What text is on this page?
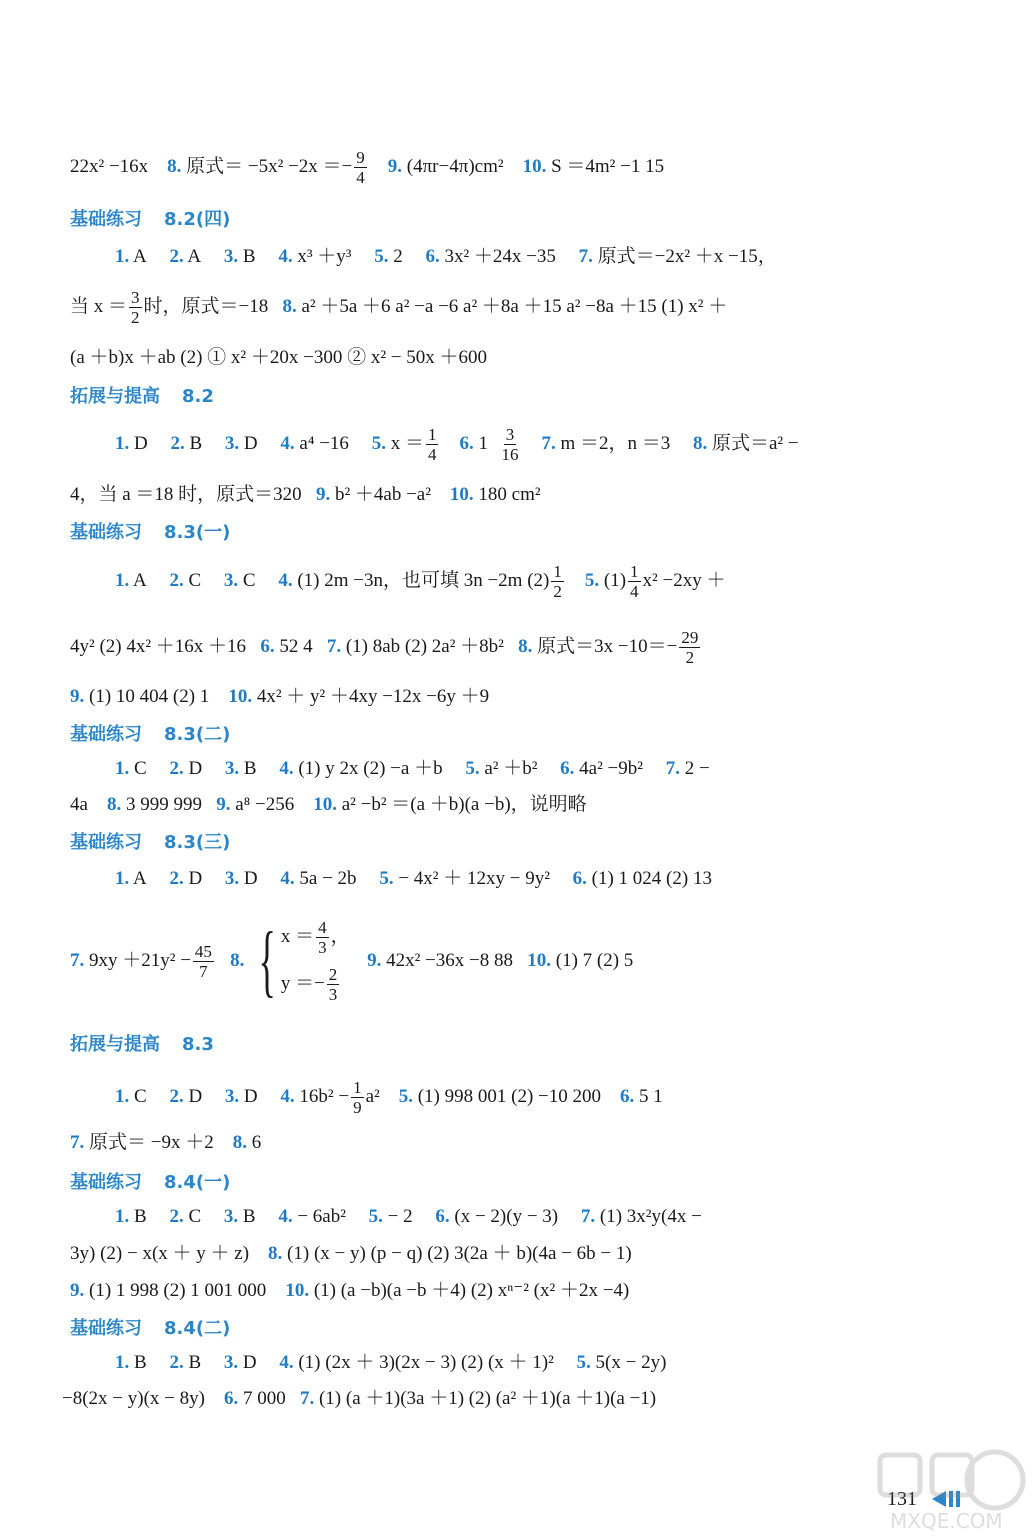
22x² −16x 8. 原式＝ $-5x^2 -2x =- \frac{9}{4} 9$. (4πr−4π)cm² 10. S ＝4m² −1 15
基础练习 8.2(四)
1. A 2. A 3. B 4. x³ ＋y³ 5. 2 6. 3x² ＋24x −35 7. 原式＝−2x² ＋x −15，
当 $x = \frac{3}{2}$ 时，原式＝−18 8. a² ＋5a ＋6 a² −a −6 a² ＋8a ＋15 a² −8a ＋15 (1) x² ＋
(a ＋b)x ＋ab (2) ① x² ＋20x −300 ② x² − 50x ＋600
拓展与提高 8.2
1. D 2. B 3. D 4. a⁴ −16 5. $x = \frac{1}{4} 6$. $1 \frac{3}{16} 7$. m ＝2，n ＝3 8. 原式＝a² −
4，当 a ＝18 时，原式＝320 9. b² ＋4ab −a² 10. 180 cm²
基础练习 8.3(一)
1. A 2. C 3. C 4. (1) 2m −3n，也可填 3n −2m $(2) \frac{1}{2} 5$. $(1) \frac{1}{4} x^2 -2xy$ ＋
4y² (2) 4x² ＋16x ＋16 6. 52 4 7. (1) 8ab (2) 2a² ＋8b² 8. 原式$=3x -10=- \frac{29}{2}$
9. (1) 10 404 (2) 1 10. 4x² ＋ y² ＋4xy −12x −6y ＋9
基础练习 8.3(二)
1. C 2. D 3. B 4. (1) y 2x (2) −a ＋b 5. a² ＋b² 6. 4a² −9b² 7. 2 −
4a 8. 3 999 999 9. a⁸ −256 10. a² −b² ＝(a ＋b)(a −b)，说明略
基础练习 8.3(三)
1. A 2. D 3. D 4. 5a − 2b 5. − 4x² ＋ 12xy − 9y² 6. (1) 1 024 (2) 13
7.
$9xy +21y^2 - \frac{45}{7}$
8. { $x = \frac{4}{3}$ ，
$y =- \frac{2}{3}$

9.
42x² −36x −8 88
10.
(1) 7 (2) 5
拓展与提高 8.3
1. C 2. D 3. D 4. $16b^2 - \frac{1}{9} a^2$ 5. (1) 998 001 (2) −10 200 6. 5 1
7. 原式＝ −9x ＋2 8. 6
基础练习 8.4(一)
1. B 2. C 3. B 4. − 6ab² 5. − 2 6. (x − 2)(y − 3) 7. (1) 3x²y(4x −
3y) (2) − x(x ＋ y ＋ z) 8. (1) (x − y) (p − q) (2) 3(2a ＋ b)(4a − 6b − 1)
9. (1) 1 998 (2) 1 001 000 10. (1) (a −b)(a −b ＋4) (2) xⁿ⁻² (x² ＋2x −4)
基础练习 8.4(二)
1. B 2. B 3. D 4. (1) (2x ＋ 3)(2x − 3) (2) (x ＋ 1)² 5. 5(x − 2y)
−8(2x − y)(x − 8y) 6. 7 000 7. (1) (a ＋1)(3a ＋1) (2) (a² ＋1)(a ＋1)(a −1)
131
MXQE.COM
